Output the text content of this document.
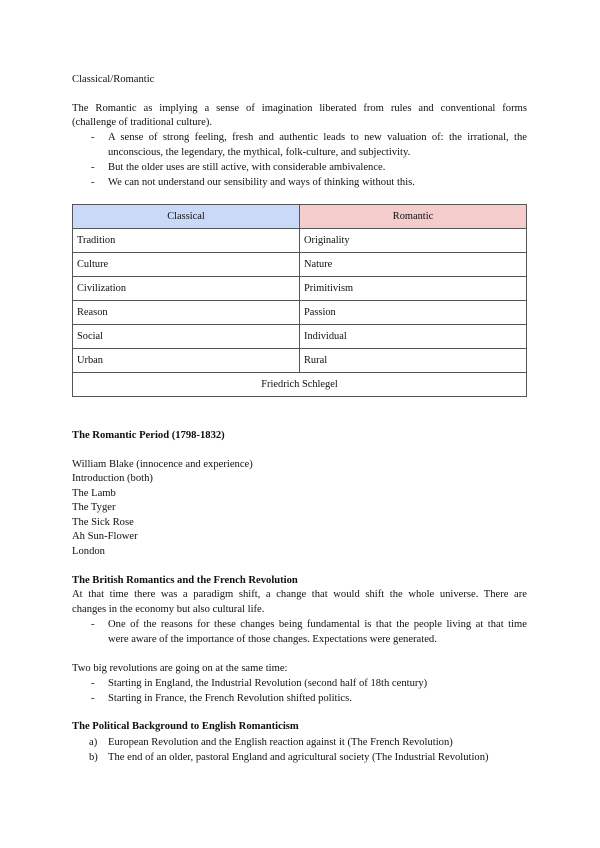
Classical/Romantic
The Romantic as implying a sense of imagination liberated from rules and conventional forms
(challenge of traditional culture).
- A sense of strong feeling, fresh and authentic leads to new valuation of: the irrational, the
unconscious, the legendary, the mythical, folk-culture, and subjectivity.
- But the older uses are still active, with considerable ambivalence.
- We can not understand our sensibility and ways of thinking without this.
Classical	Romantic
Tradition	Originality
Culture	Nature
Civilization	Primitivism
Reason	Passion
Social	Individual
Urban	Rural
Friedrich Schlegel	
The Romantic Period (1798-1832)
William Blake (innocence and experience)
Introduction (both)
The Lamb
The Tyger
The Sick Rose
Ah Sun-Flower
London
The British Romantics and the French Revolution
At that time there was a paradigm shift, a change that would shift the whole universe. There are
changes in the economy but also cultural life.
- One of the reasons for these changes being fundamental is that the people living at that time
were aware of the importance of those changes. Expectations were generated.
Two big revolutions are going on at the same time:
- Starting in England, the Industrial Revolution (second half of 18th century)
- Starting in France, the French Revolution shifted politics.
The Political Background to English Romanticism
a) European Revolution and the English reaction against it (The French Revolution)
b) The end of an older, pastoral England and agricultural society (The Industrial Revolution)
